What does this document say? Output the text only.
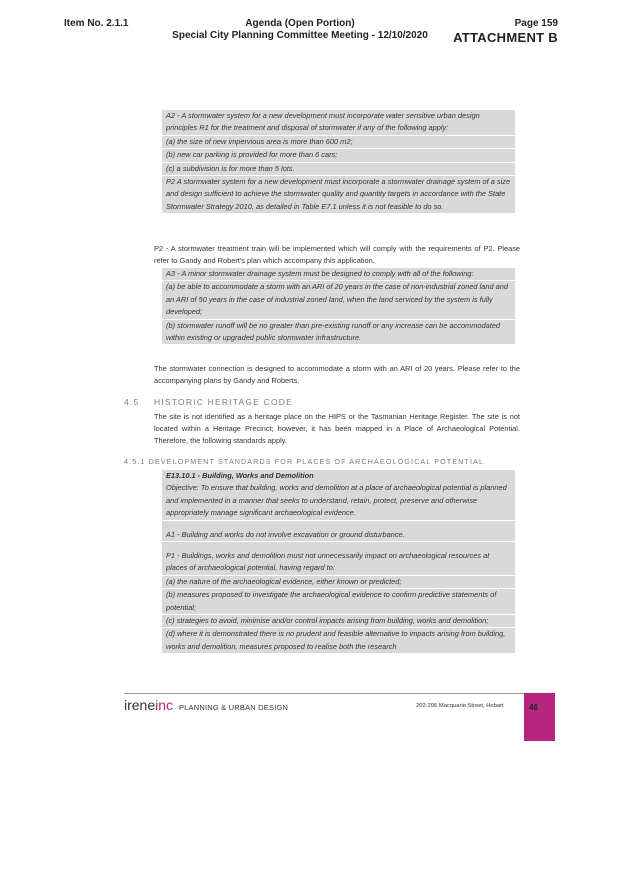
Item No. 2.1.1	Agenda (Open Portion)
Special City Planning Committee Meeting - 12/10/2020
Page 159
ATTACHMENT B
A2 - A stormwater system for a new development must incorporate water sensitive urban design principles R1 for the treatment and disposal of stormwater if any of the following apply:
(a) the size of new impervious area is more than 600 m2;
(b) new car parking is provided for more than 6 cars;
(c) a subdivision is for more than 5 lots.
P2 A stormwater system for a new development must incorporate a stormwater drainage system of a size and design sufficient to achieve the stormwater quality and quantity targets in accordance with the State Stormwater Strategy 2010, as detailed in Table E7.1 unless it is not feasible to do so.
P2 - A stormwater treatment train will be implemented which will comply with the requirements of P2. Please refer to Gandy and Robert's plan which accompany this application.
A3 - A minor stormwater drainage system must be designed to comply with all of the following:
(a) be able to accommodate a storm with an ARI of 20 years in the case of non-industrial zoned land and an ARI of 50 years in the case of industrial zoned land, when the land serviced by the system is fully developed;
(b) stormwater runoff will be no greater than pre-existing runoff or any increase can be accommodated within existing or upgraded public stormwater infrastructure.
The stormwater connection is designed to accommodate a storm with an ARI of 20 years. Please refer to the accompanying plans by Gandy and Roberts.
4.5 HISTORIC HERITAGE CODE
The site is not identified as a heritage place on the HIPS or the Tasmanian Heritage Register. The site is not located within a Heritage Precinct; however, it has been mapped in a Place of Archaeological Potential. Therefore, the following standards apply.
4.5.1 DEVELOPMENT STANDARDS FOR PLACES OF ARCHAEOLOGICAL POTENTIAL
E13.10.1 - Building, Works and Demolition
Objective: To ensure that building, works and demolition at a place of archaeological potential is planned and implemented in a manner that seeks to understand, retain, protect, preserve and otherwise appropriately manage significant archaeological evidence.
A1 - Building and works do not involve excavation or ground disturbance.
P1 - Buildings, works and demolition must not unnecessarily impact on archaeological resources at places of archaeological potential, having regard to:
(a) the nature of the archaeological evidence, either known or predicted;
(b) measures proposed to investigate the archaeological evidence to confirm predictive statements of potential;
(c) strategies to avoid, minimise and/or control impacts arising from building, works and demolition;
(d) where it is demonstrated there is no prudent and feasible alternative to impacts arising from building, works and demolition, measures proposed to realise both the research
ireneinc PLANNING & URBAN DESIGN	202-206 Macquarie Street, Hobart	46
